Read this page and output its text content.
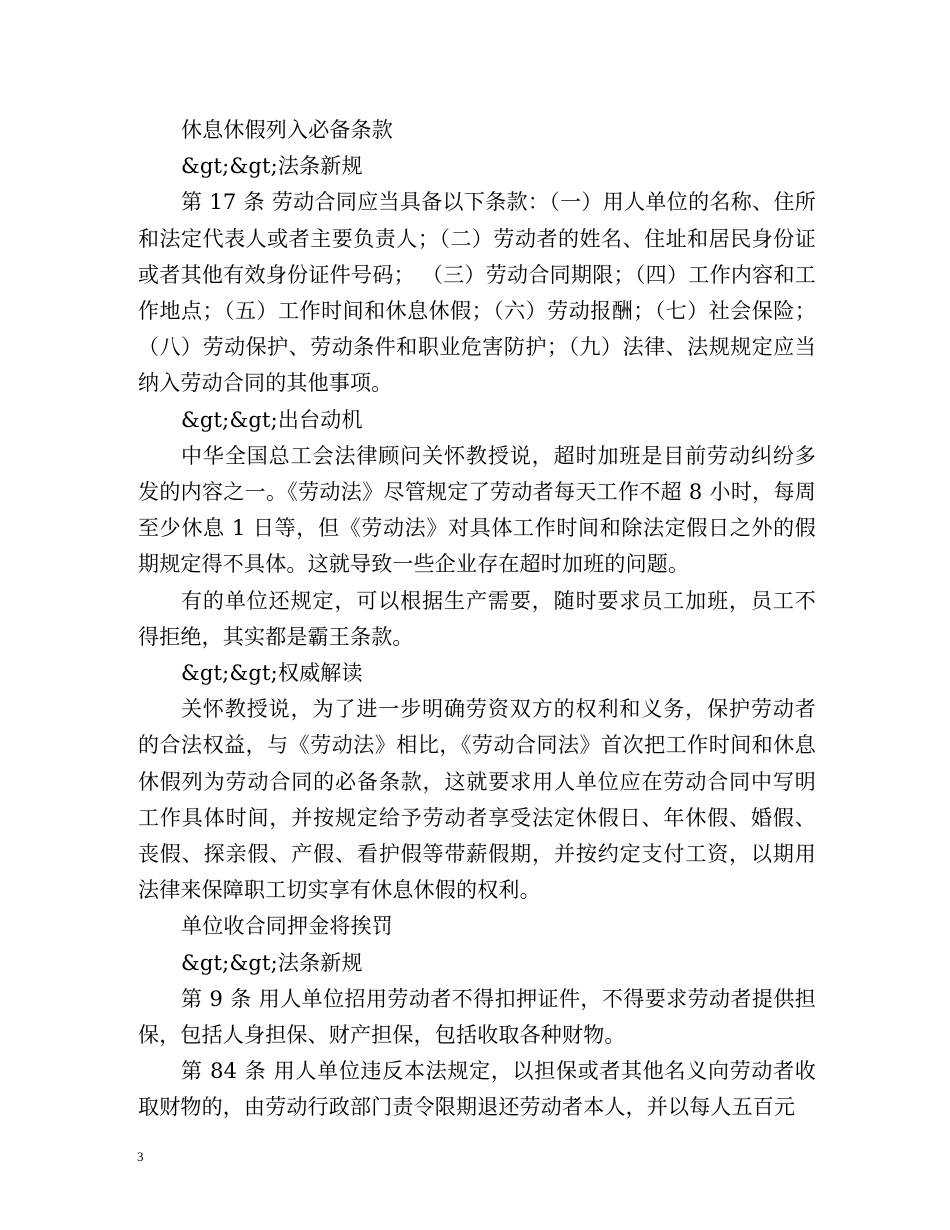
休息休假列入必备条款

&gt;&gt;法条新规

第 17 条 劳动合同应当具备以下条款：（一）用人单位的名称、住所和法定代表人或者主要负责人；（二）劳动者的姓名、住址和居民身份证或者其他有效身份证件号码； （三）劳动合同期限；（四）工作内容和工作地点；（五）工作时间和休息休假；（六）劳动报酬；（七）社会保险；（八）劳动保护、劳动条件和职业危害防护；（九）法律、法规规定应当纳入劳动合同的其他事项。

&gt;&gt;出台动机

中华全国总工会法律顾问关怀教授说，超时加班是目前劳动纠纷多发的内容之一。《劳动法》尽管规定了劳动者每天工作不超 8 小时，每周至少休息 1 日等，但《劳动法》对具体工作时间和除法定假日之外的假期规定得不具体。这就导致一些企业存在超时加班的问题。

有的单位还规定，可以根据生产需要，随时要求员工加班，员工不得拒绝，其实都是霸王条款。

&gt;&gt;权威解读

关怀教授说，为了进一步明确劳资双方的权利和义务，保护劳动者的合法权益，与《劳动法》相比，《劳动合同法》首次把工作时间和休息休假列为劳动合同的必备条款，这就要求用人单位应在劳动合同中写明工作具体时间，并按规定给予劳动者享受法定休假日、年休假、婚假、丧假、探亲假、产假、看护假等带薪假期，并按约定支付工资，以期用法律来保障职工切实享有休息休假的权利。

单位收合同押金将挨罚

&gt;&gt;法条新规

第 9 条 用人单位招用劳动者不得扣押证件，不得要求劳动者提供担保，包括人身担保、财产担保，包括收取各种财物。

第 84 条 用人单位违反本法规定，以担保或者其他名义向劳动者收取财物的，由劳动行政部门责令限期退还劳动者本人，并以每人五百元

3
